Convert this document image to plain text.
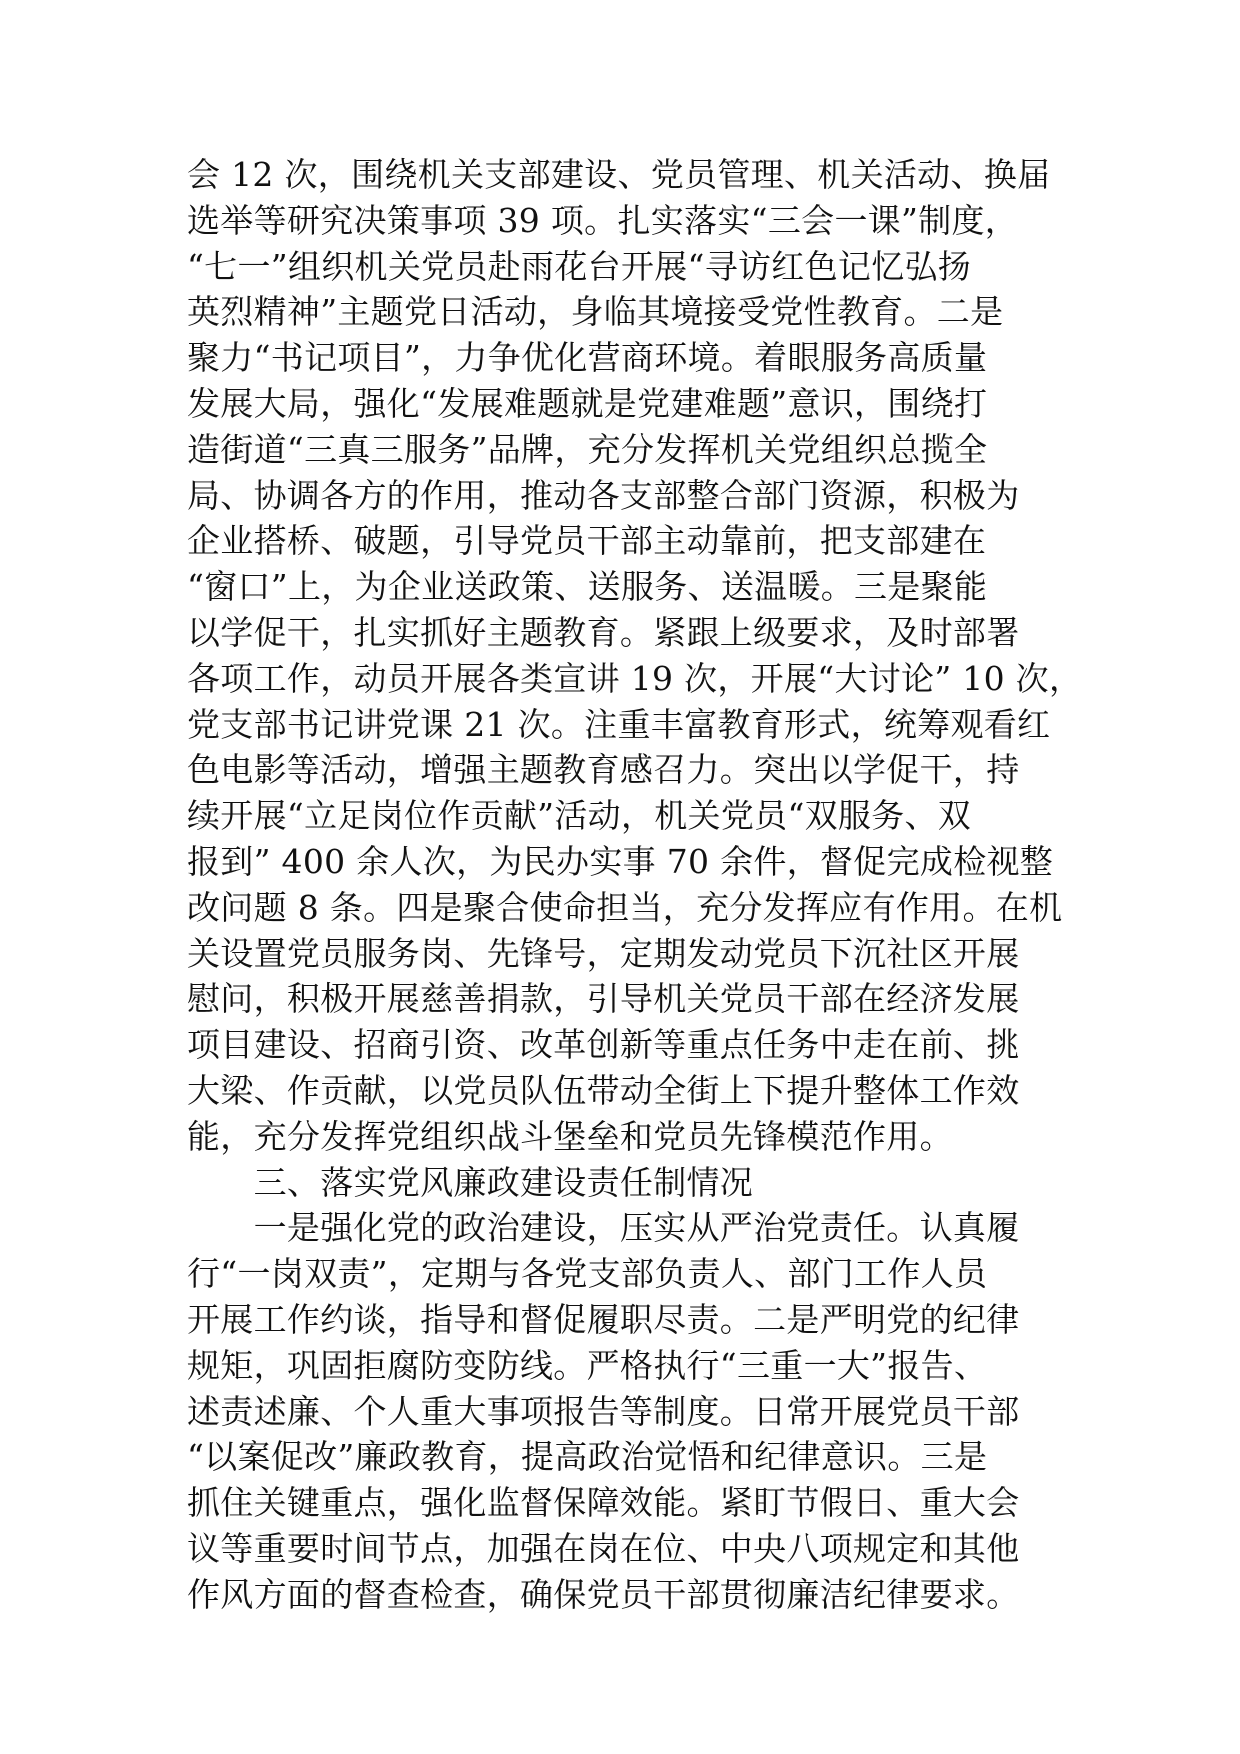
会 12 次，围绕机关支部建设、党员管理、机关活动、换届
选举等研究决策事项 39 项。扎实落实“三会一课”制度，
“七一”组织机关党员赴雨花台开展“寻访红色记忆弘扬
英烈精神”主题党日活动，身临其境接受党性教育。二是
聚力“书记项目”，力争优化营商环境。着眼服务高质量
发展大局，强化“发展难题就是党建难题”意识，围绕打
造街道“三真三服务”品牌，充分发挥机关党组织总揽全
局、协调各方的作用，推动各支部整合部门资源，积极为
企业搭桥、破题，引导党员干部主动靠前，把支部建在
“窗口”上，为企业送政策、送服务、送温暖。三是聚能
以学促干，扎实抓好主题教育。紧跟上级要求，及时部署
各项工作，动员开展各类宣讲 19 次，开展“大讨论” 10 次，
党支部书记讲党课 21 次。注重丰富教育形式，统筹观看红
色电影等活动，增强主题教育感召力。突出以学促干，持
续开展“立足岗位作贡献”活动，机关党员“双服务、双
报到” 400 余人次，为民办实事 70 余件，督促完成检视整
改问题 8 条。四是聚合使命担当，充分发挥应有作用。在机
关设置党员服务岗、先锋号，定期发动党员下沉社区开展
慰问，积极开展慈善捐款，引导机关党员干部在经济发展
项目建设、招商引资、改革创新等重点任务中走在前、挑
大梁、作贡献，以党员队伍带动全街上下提升整体工作效
能，充分发挥党组织战斗堡垒和党员先锋模范作用。
　　三、落实党风廉政建设责任制情况
　　一是强化党的政治建设，压实从严治党责任。认真履
行“一岗双责”，定期与各党支部负责人、部门工作人员
开展工作约谈，指导和督促履职尽责。二是严明党的纪律
规矩，巩固拒腐防变防线。严格执行“三重一大”报告、
述责述廉、个人重大事项报告等制度。日常开展党员干部
“以案促改”廉政教育，提高政治觉悟和纪律意识。三是
抓住关键重点，强化监督保障效能。紧盯节假日、重大会
议等重要时间节点，加强在岗在位、中央八项规定和其他
作风方面的督查检查，确保党员干部贯彻廉洁纪律要求。
